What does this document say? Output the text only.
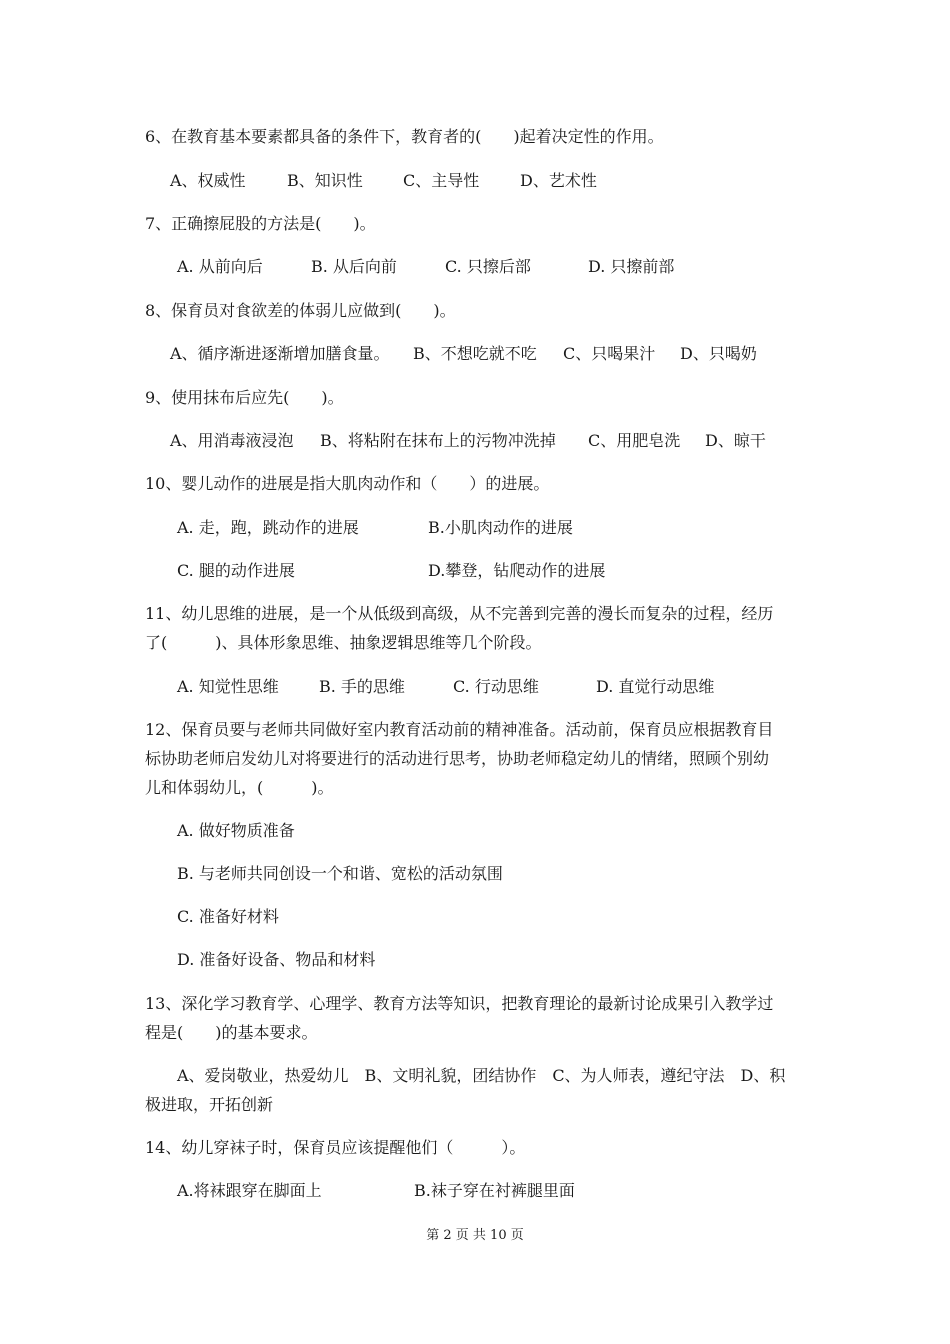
6、在教育基本要素都具备的条件下，教育者的(　　)起着决定性的作用。
A、权威性	B、知识性	C、主导性	D、艺术性
7、正确擦屁股的方法是(　　)。
A. 从前向后	B. 从后向前	C. 只擦后部	D. 只擦前部
8、保育员对食欲差的体弱儿应做到(　　)。
A、循序渐进逐渐增加膳食量。 B、不想吃就不吃 C、只喝果汁 D、只喝奶
9、使用抹布后应先(　　)。
A、用消毒液浸泡 B、将粘附在抹布上的污物冲洗掉 C、用肥皂洗 D、晾干
10、婴儿动作的进展是指大肌肉动作和（　　）的进展。
A. 走，跑，跳动作的进展	B.小肌肉动作的进展
C. 腿的动作进展	D.攀登，钻爬动作的进展
11、幼儿思维的进展，是一个从低级到高级，从不完善到完善的漫长而复杂的过程，经历
了(　　　)、具体形象思维、抽象逻辑思维等几个阶段。
A. 知觉性思维	B. 手的思维	C. 行动思维	D. 直觉行动思维
12、保育员要与老师共同做好室内教育活动前的精神准备。活动前，保育员应根据教育目
标协助老师启发幼儿对将要进行的活动进行思考，协助老师稳定幼儿的情绪，照顾个别幼
儿和体弱幼儿，(　　　)。
A. 做好物质准备
B. 与老师共同创设一个和谐、宽松的活动氛围
C. 准备好材料
D. 准备好设备、物品和材料
13、深化学习教育学、心理学、教育方法等知识，把教育理论的最新讨论成果引入教学过
程是(　　)的基本要求。
A、爱岗敬业，热爱幼儿　B、文明礼貌，团结协作　C、为人师表，遵纪守法　D、积
极进取，开拓创新
14、幼儿穿袜子时，保育员应该提醒他们（　　　）。
A.将袜跟穿在脚面上	B.袜子穿在衬裤腿里面
第 2 页 共 10 页
